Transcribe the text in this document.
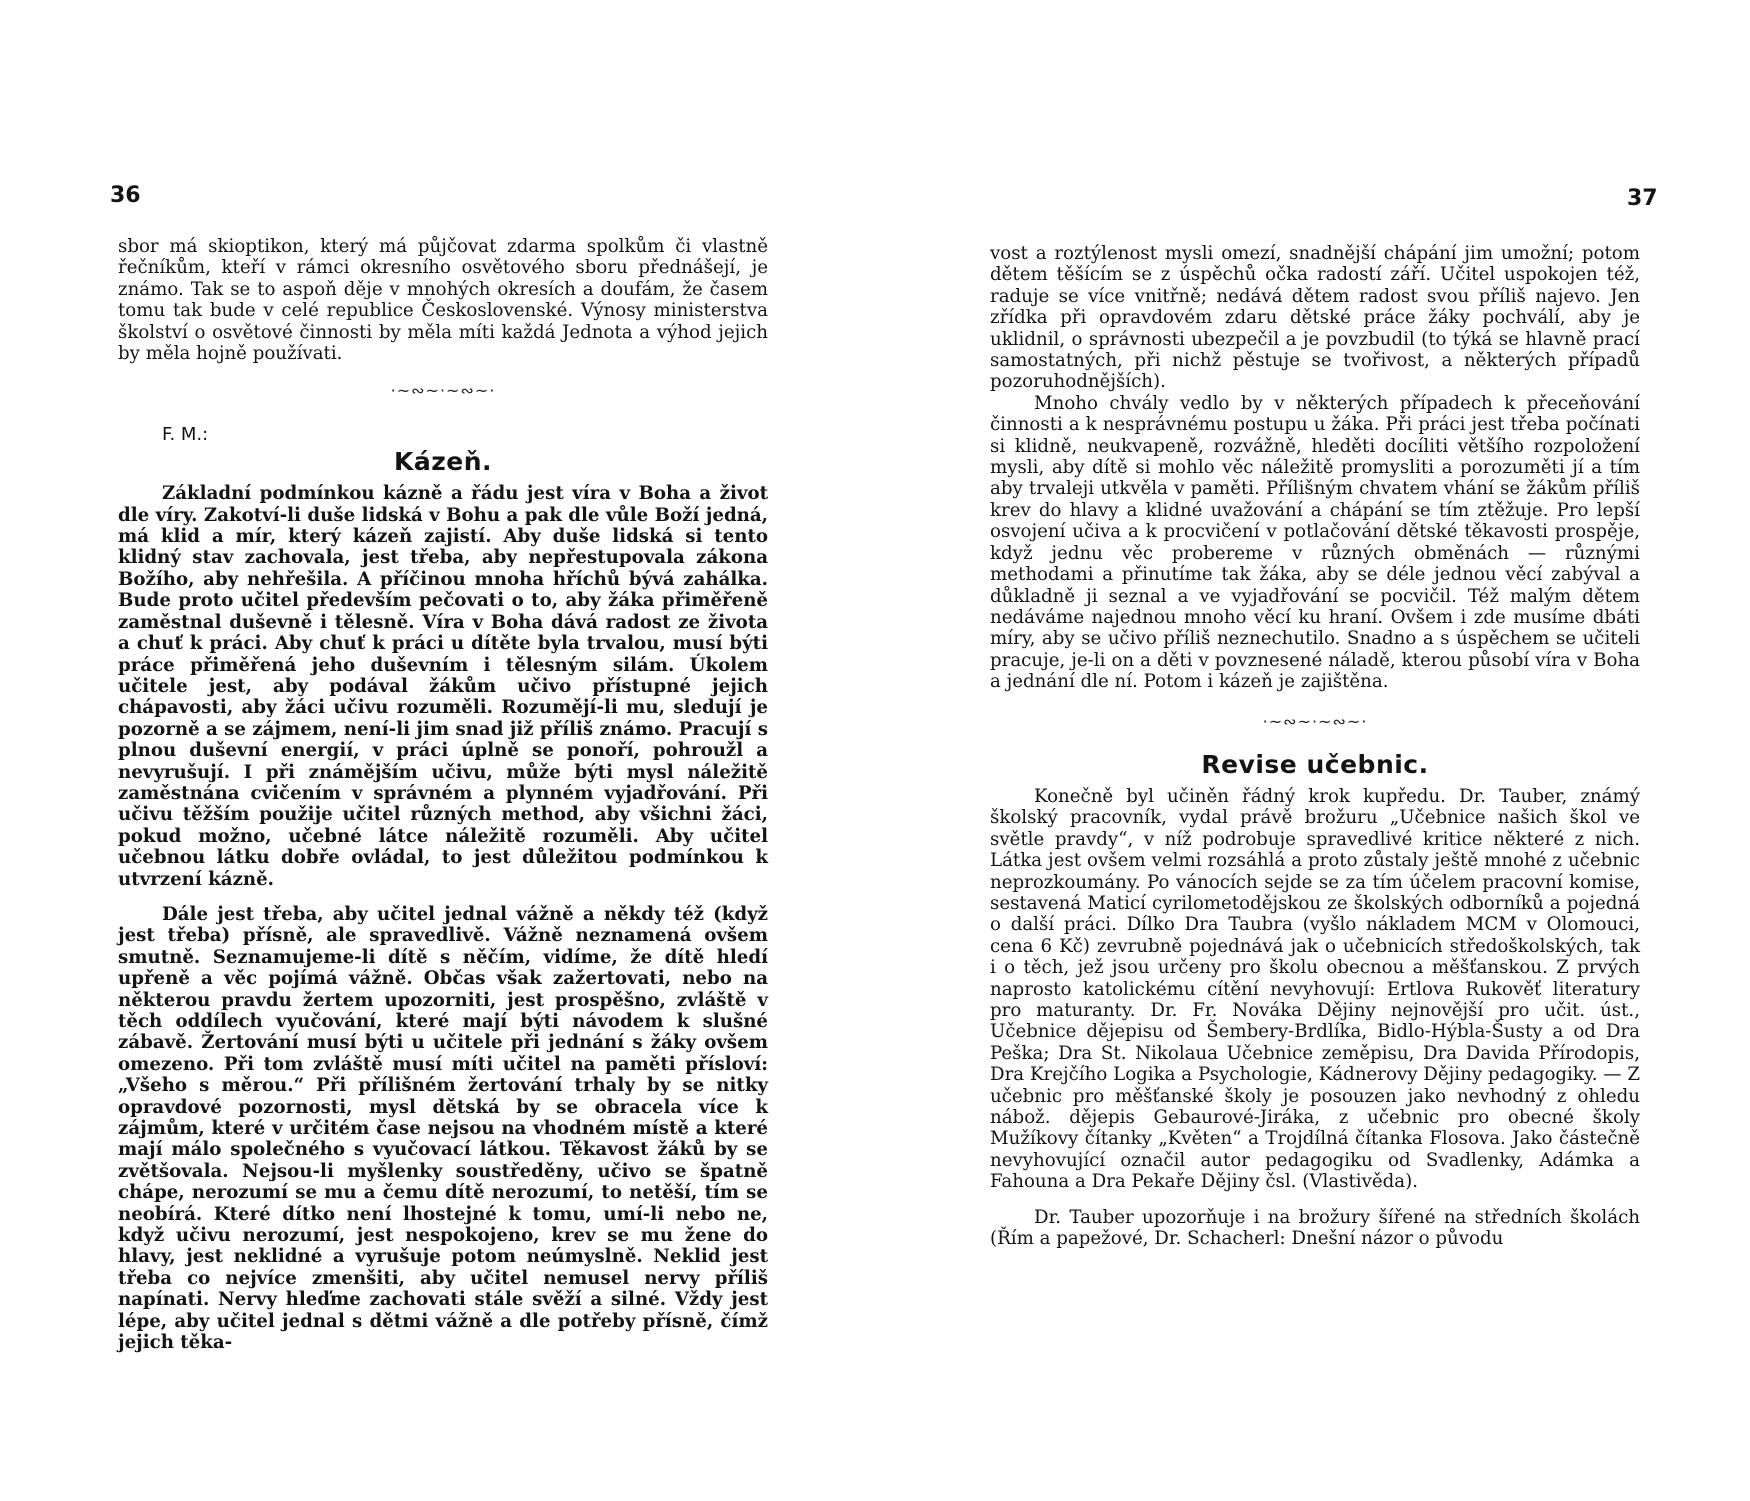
36	37

sbor má skioptikon, který má půjčovat zdarma spolkům či vlastně řečníkům, kteří v rámci okresního osvětového sboru přednášejí, je známo. Tak se to aspoň děje v mnohých okresích a doufám, že časem tomu tak bude v celé republice Československé. Výnosy ministerstva školství o osvětové činnosti by měla míti každá Jednota a výhod jejich by měla hojně používati.

·~∾~·~∾~·

F. M.:

Kázeň.

Základní podmínkou kázně a řádu jest víra v Boha a život dle víry. Zakotví-li duše lidská v Bohu a pak dle vůle Boží jedná, má klid a mír, který kázeň zajistí. Aby duše lidská si tento klidný stav zachovala, jest třeba, aby nepřestupovala zákona Božího, aby nehřešila. A příčinou mnoha hříchů bývá zahálka. Bude proto učitel především pečovati o to, aby žáka přiměřeně zaměstnal duševně i tělesně. Víra v Boha dává radost ze života a chuť k práci. Aby chuť k práci u dítěte byla trvalou, musí býti práce přiměřená jeho duševním i tělesným silám. Úkolem učitele jest, aby podával žákům učivo přístupné jejich chápavosti, aby žáci učivu rozuměli. Rozumějí-li mu, sledují je pozorně a se zájmem, není-li jim snad již příliš známo. Pracují s plnou duševní energií, v práci úplně se ponoří, pohroužl a nevyrušují. I při známějším učivu, může býti mysl náležitě zaměstnána cvičením v správném a plynném vyjadřování. Při učivu těžším použije učitel různých method, aby všichni žáci, pokud možno, učebné látce náležitě rozuměli. Aby učitel učebnou látku dobře ovládal, to jest důležitou podmínkou k utvrzení kázně.

Dále jest třeba, aby učitel jednal vážně a někdy též (když jest třeba) přísně, ale spravedlivě. Vážně neznamená ovšem smutně. Seznamujeme-li dítě s něčím, vidíme, že dítě hledí upřeně a věc pojímá vážně. Občas však zažertovati, nebo na některou pravdu žertem upozorniti, jest prospěšno, zvláště v těch oddílech vyučování, které mají býti návodem k slušné zábavě. Žertování musí býti u učitele při jednání s žáky ovšem omezeno. Při tom zvláště musí míti učitel na paměti přísloví: „Všeho s měrou.“ Při přílišném žertování trhaly by se nitky opravdové pozornosti, mysl dětská by se obracela více k zájmům, které v určitém čase nejsou na vhodném místě a které mají málo společného s vyučovací látkou. Těkavost žáků by se zvětšovala. Nejsou-li myšlenky soustředěny, učivo se špatně chápe, nerozumí se mu a čemu dítě nerozumí, to netěší, tím se neobírá. Které dítko není lhostejné k tomu, umí-li nebo ne, když učivu nerozumí, jest nespokojeno, krev se mu žene do hlavy, jest neklidné a vyrušuje potom neúmyslně. Neklid jest třeba co nejvíce zmenšiti, aby učitel nemusel nervy příliš napínati. Nervy hleďme zachovati stále svěží a silné. Vždy jest lépe, aby učitel jednal s dětmi vážně a dle potřeby přísně, čímž jejich těka-

vost a roztýlenost mysli omezí, snadnější chápání jim umožní; potom dětem těšícím se z úspěchů očka radostí září. Učitel uspokojen též, raduje se více vnitřně; nedává dětem radost svou příliš najevo. Jen zřídka při opravdovém zdaru dětské práce žáky pochválí, aby je uklidnil, o správnosti ubezpečil a je povzbudil (to týká se hlavně prací samostatných, při nichž pěstuje se tvořivost, a některých případů pozoruhodnějších).

Mnoho chvály vedlo by v některých případech k přeceňování činnosti a k nesprávnému postupu u žáka. Při práci jest třeba počínati si klidně, neukvapeně, rozvážně, hleděti docíliti většího rozpoložení mysli, aby dítě si mohlo věc náležitě promysliti a porozuměti jí a tím aby trvaleji utkvěla v paměti. Přílišným chvatem vhání se žákům příliš krev do hlavy a klidné uvažování a chápání se tím ztěžuje. Pro lepší osvojení učiva a k procvičení v potlačování dětské těkavosti prospěje, když jednu věc probereme v různých obměnách — různými methodami a přinutíme tak žáka, aby se déle jednou věcí zabýval a důkladně ji seznal a ve vyjadřování se pocvičil. Též malým dětem nedáváme najednou mnoho věcí ku hraní. Ovšem i zde musíme dbáti míry, aby se učivo příliš neznechutilo. Snadno a s úspěchem se učiteli pracuje, je-li on a děti v povznesené náladě, kterou působí víra v Boha a jednání dle ní. Potom i kázeň je zajištěna.

·~∾~·~∾~·
Revise učebnic.

Konečně byl učiněn řádný krok kupředu. Dr. Tauber, známý školský pracovník, vydal právě brožuru „Učebnice našich škol ve světle pravdy“, v níž podrobuje spravedlivé kritice některé z nich. Látka jest ovšem velmi rozsáhlá a proto zůstaly ještě mnohé z učebnic neprozkoumány. Po vánocích sejde se za tím účelem pracovní komise, sestavená Maticí cyrilometodějskou ze školských odborníků a pojedná o další práci. Dílko Dra Taubra (vyšlo nákladem MCM v Olomouci, cena 6 Kč) zevrubně pojednává jak o učebnicích středoškolských, tak i o těch, jež jsou určeny pro školu obecnou a měšťanskou. Z prvých naprosto katolickému cítění nevyhovují: Ertlova Rukověť literatury pro maturanty. Dr. Fr. Nováka Dějiny nejnovější pro učit. úst., Učebnice dějepisu od Šembery-Brdlíka, Bidlo-Hýbla-Šusty a od Dra Peška; Dra St. Nikolaua Učebnice zeměpisu, Dra Davida Přírodopis, Dra Krejčího Logika a Psychologie, Kádnerovy Dějiny pedagogiky. — Z učebnic pro měšťanské školy je posouzen jako nevhodný z ohledu nábož. dějepis Gebaurové-Jiráka, z učebnic pro obecné školy Mužíkovy čítanky „Květen“ a Trojdílná čítanka Flosova. Jako částečně nevyhovující označil autor pedagogiku od Svadlenky, Adámka a Fahouna a Dra Pekaře Dějiny čsl. (Vlastivěda).

Dr. Tauber upozorňuje i na brožury šířené na středních školách (Řím a papežové, Dr. Schacherl: Dnešní názor o původu
